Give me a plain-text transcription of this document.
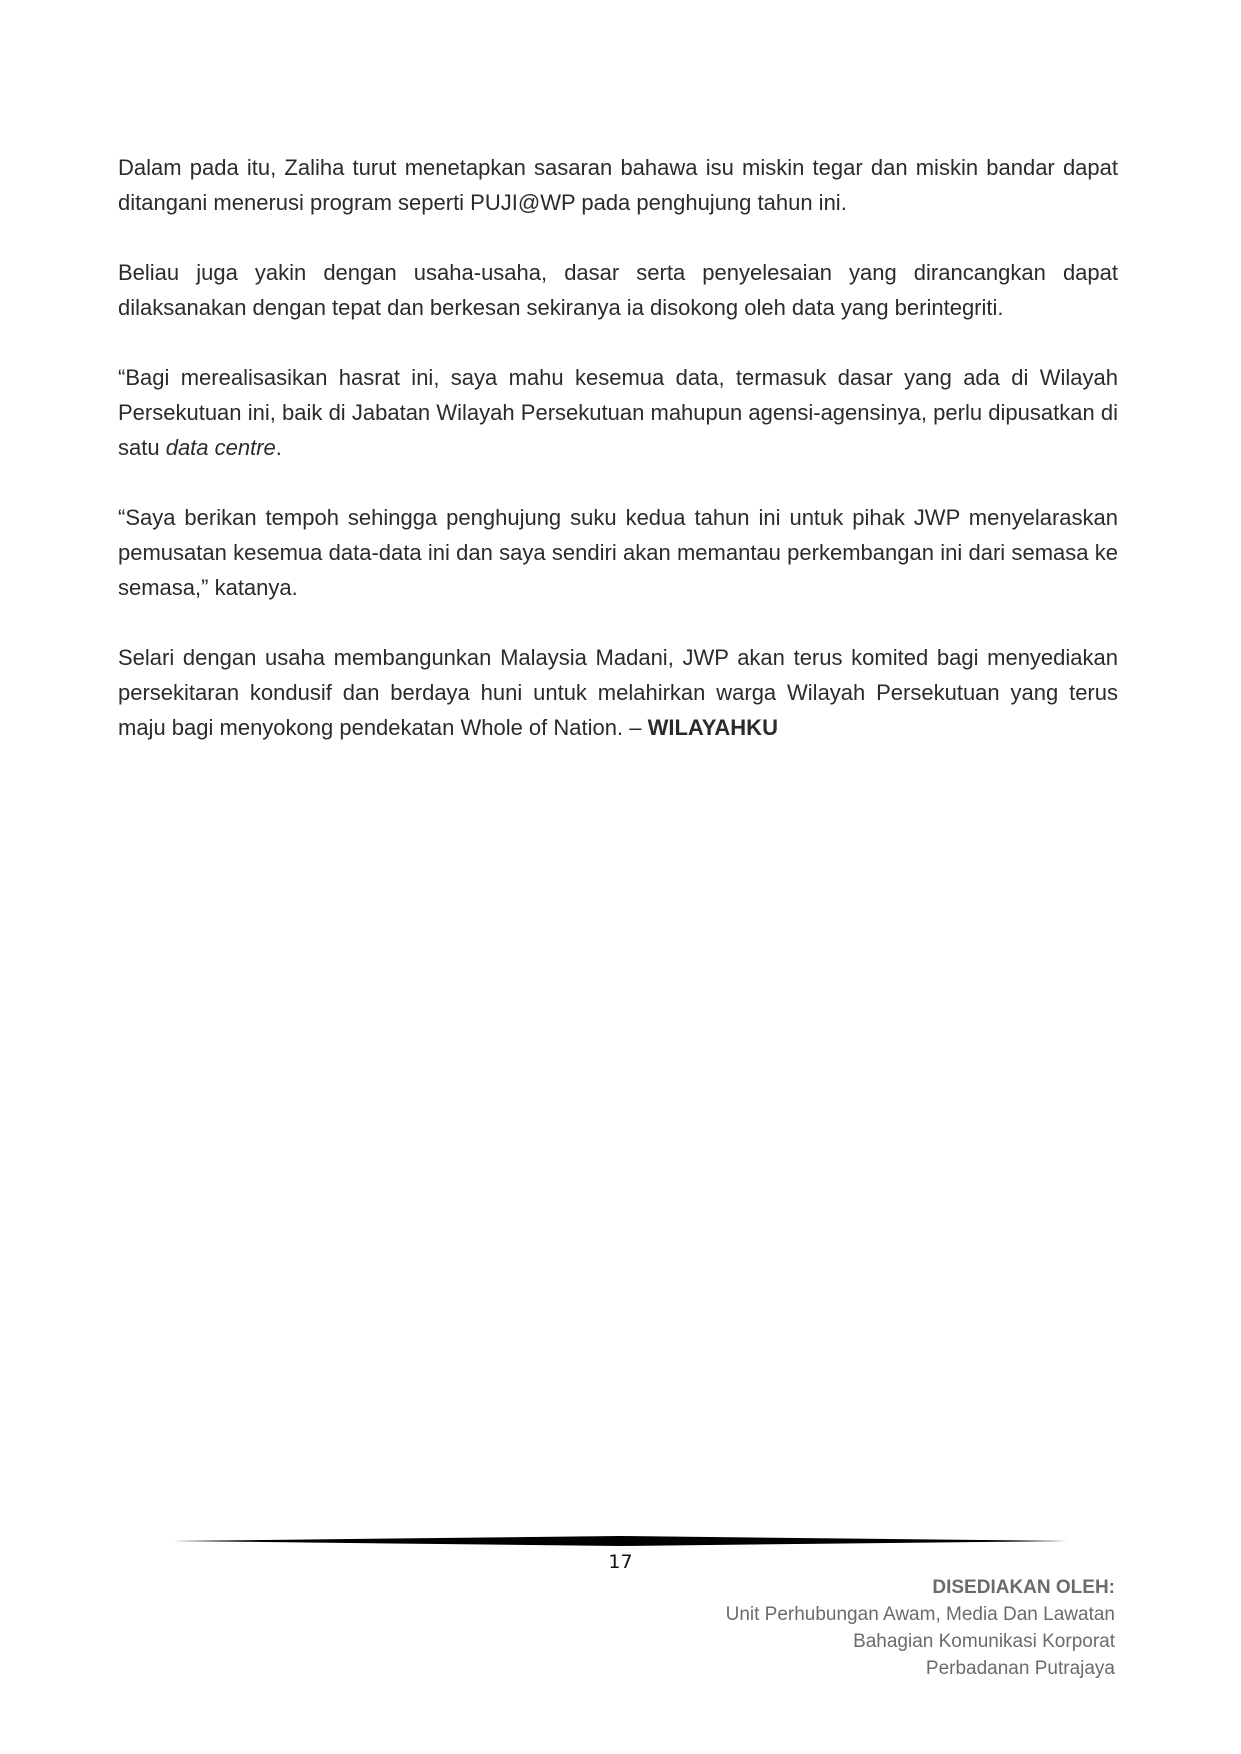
Dalam pada itu, Zaliha turut menetapkan sasaran bahawa isu miskin tegar dan miskin bandar dapat ditangani menerusi program seperti PUJI@WP pada penghujung tahun ini.

Beliau juga yakin dengan usaha-usaha, dasar serta penyelesaian yang dirancangkan dapat dilaksanakan dengan tepat dan berkesan sekiranya ia disokong oleh data yang berintegriti.

“Bagi merealisasikan hasrat ini, saya mahu kesemua data, termasuk dasar yang ada di Wilayah Persekutuan ini, baik di Jabatan Wilayah Persekutuan mahupun agensi-agensinya, perlu dipusatkan di satu data centre.

“Saya berikan tempoh sehingga penghujung suku kedua tahun ini untuk pihak JWP menyelaraskan pemusatan kesemua data-data ini dan saya sendiri akan memantau perkembangan ini dari semasa ke semasa,” katanya.

Selari dengan usaha membangunkan Malaysia Madani, JWP akan terus komited bagi menyediakan persekitaran kondusif dan berdaya huni untuk melahirkan warga Wilayah Persekutuan yang terus maju bagi menyokong pendekatan Whole of Nation. – WILAYAHKU

17
DISEDIAKAN OLEH:
Unit Perhubungan Awam, Media Dan Lawatan
Bahagian Komunikasi Korporat
Perbadanan Putrajaya
